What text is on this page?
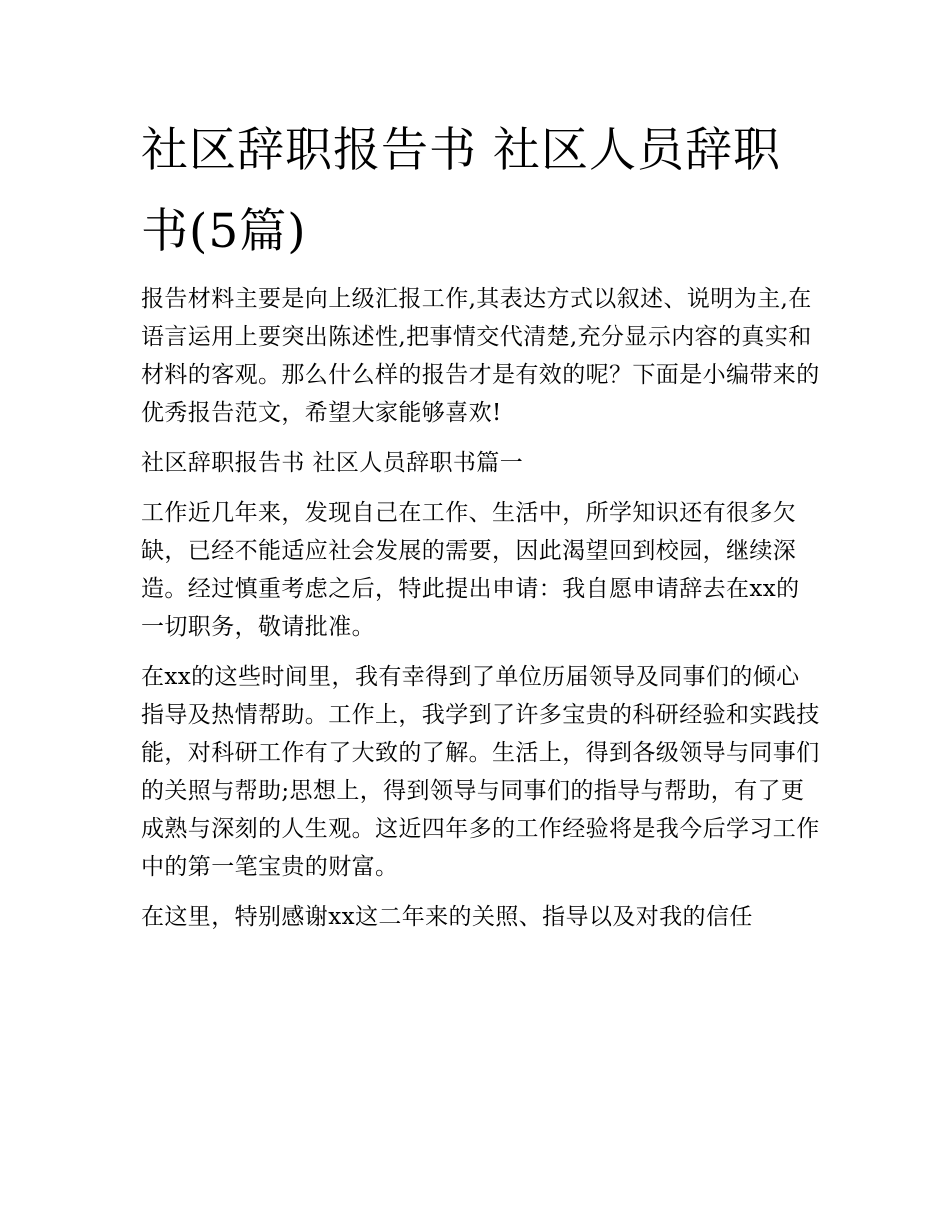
社区辞职报告书 社区人员辞职书(5篇)

报告材料主要是向上级汇报工作,其表达方式以叙述、说明为主,在语言运用上要突出陈述性,把事情交代清楚,充分显示内容的真实和材料的客观。那么什么样的报告才是有效的呢？下面是小编带来的优秀报告范文，希望大家能够喜欢!

社区辞职报告书 社区人员辞职书篇一

工作近几年来，发现自己在工作、生活中，所学知识还有很多欠缺，已经不能适应社会发展的需要，因此渴望回到校园，继续深造。经过慎重考虑之后，特此提出申请：我自愿申请辞去在xx的一切职务，敬请批准。

在xx的这些时间里，我有幸得到了单位历届领导及同事们的倾心指导及热情帮助。工作上，我学到了许多宝贵的科研经验和实践技能，对科研工作有了大致的了解。生活上，得到各级领导与同事们的关照与帮助;思想上，得到领导与同事们的指导与帮助，有了更成熟与深刻的人生观。这近四年多的工作经验将是我今后学习工作中的第一笔宝贵的财富。

在这里，特别感谢xx这二年来的关照、指导以及对我的信任
